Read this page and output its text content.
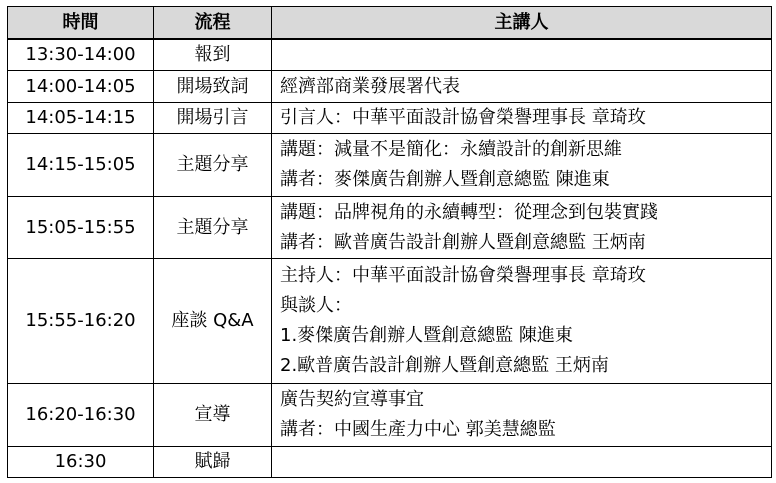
時間	流程	主講人
13:30-14:00	報到	
14:00-14:05	開場致詞	經濟部商業發展署代表

14:05-14:15	開場引言	引言人：中華平面設計協會榮譽理事長 章琦玫

14:15-15:05	主題分享	講題：減量不是簡化：永續設計的創新思維
講者：麥傑廣告創辦人暨創意總監 陳進東

15:05-15:55	主題分享	講題：品牌視角的永續轉型：從理念到包裝實踐
講者：歐普廣告設計創辦人暨創意總監 王炳南

15:55-16:20	座談 Q&A	主持人：中華平面設計協會榮譽理事長 章琦玫
與談人：
1.麥傑廣告創辦人暨創意總監 陳進東
2.歐普廣告設計創辦人暨創意總監 王炳南

16:20-16:30	宣導	廣告契約宣導事宜
講者：中國生產力中心 郭美慧總監

16:30	賦歸	
